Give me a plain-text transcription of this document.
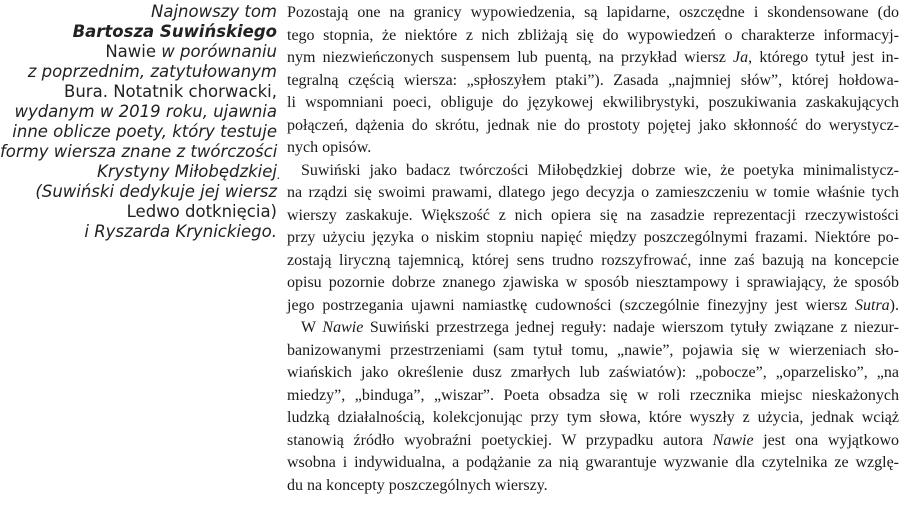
Najnowszy tom
Bartosza Suwińskiego
Nawie w porównaniu
z poprzednim, zatytułowanym
Bura. Notatnik chorwacki,
wydanym w 2019 roku, ujawnia
inne oblicze poety, który testuje
formy wiersza znane z twórczości
Krystyny Miłobędzkiej
(Suwiński dedykuje jej wiersz
Ledwo dotknięcia)
i Ryszarda Krynickiego.
·
Pozostają one na granicy wypowiedzenia, są lapidarne, oszczędne i skondensowane (do
tego stopnia, że niektóre z nich zbliżają się do wypowiedzeń o charakterze informacyj-
nym niezwieńczonych suspensem lub puentą, na przykład wiersz Ja, którego tytuł jest in-
tegralną częścią wiersza: „spłoszyłem ptaki”). Zasada „najmniej słów”, której hołdowa-
li wspomniani poeci, obliguje do językowej ekwilibrystyki, poszukiwania zaskakujących
połączeń, dążenia do skrótu, jednak nie do prostoty pojętej jako skłonność do werystycz-
nych opisów.
Suwiński jako badacz twórczości Miłobędzkiej dobrze wie, że poetyka minimalistycz-
na rządzi się swoimi prawami, dlatego jego decyzja o zamieszczeniu w tomie właśnie tych
wierszy zaskakuje. Większość z nich opiera się na zasadzie reprezentacji rzeczywistości
przy użyciu języka o niskim stopniu napięć między poszczególnymi frazami. Niektóre po-
zostają liryczną tajemnicą, której sens trudno rozszyfrować, inne zaś bazują na koncepcie
opisu pozornie dobrze znanego zjawiska w sposób niesztampowy i sprawiający, że sposób
jego postrzegania ujawni namiastkę cudowności (szczególnie finezyjny jest wiersz Sutra).
W Nawie Suwiński przestrzega jednej reguły: nadaje wierszom tytuły związane z niezur-
banizowanymi przestrzeniami (sam tytuł tomu, „nawie”, pojawia się w wierzeniach sło-
wiańskich jako określenie dusz zmarłych lub zaświatów): „pobocze”, „oparzelisko”, „na
miedzy”, „binduga”, „wiszar”. Poeta obsadza się w roli rzecznika miejsc nieskażonych
ludzką działalnością, kolekcjonując przy tym słowa, które wyszły z użycia, jednak wciąż
stanowią źródło wyobraźni poetyckiej. W przypadku autora Nawie jest ona wyjątkowo
wsobna i indywidualna, a podążanie za nią gwarantuje wyzwanie dla czytelnika ze wzglę-
du na koncepty poszczególnych wierszy.
